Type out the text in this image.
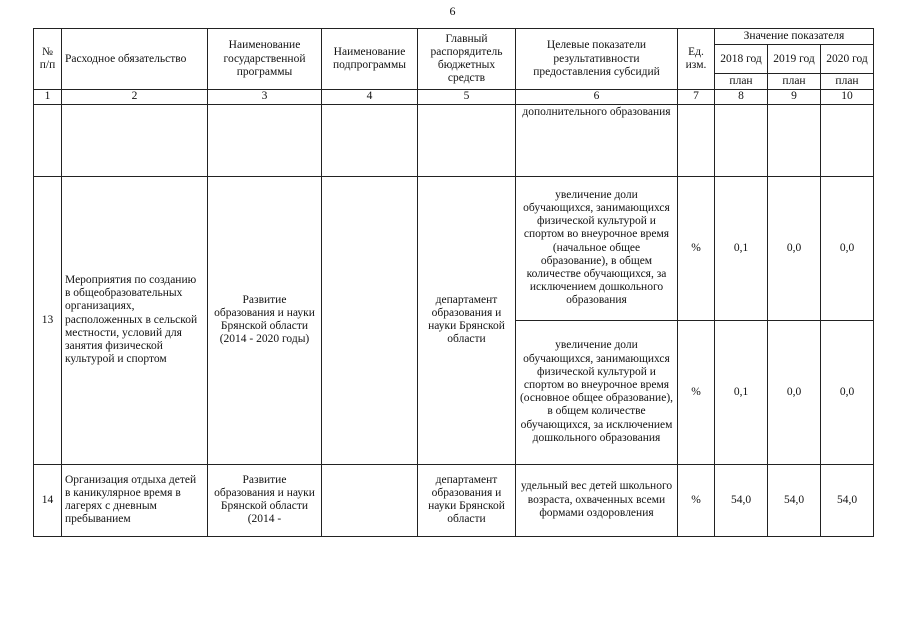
6
№ п/п	Расходное обязательство	Наименование государственной программы	Наименование подпрограммы	Главный распорядитель бюджетных средств	Целевые показатели результативности предоставления субсидий	Ед. изм.	Значение показателя		
							2018 год	2019 год	2020 год
							план	план	план
1	2	3	4	5	6	7	8	9	10
					дополнительного образования				
13	Мероприятия по созданию в общеобразовательных организациях, расположенных в сельской местности, условий для занятия физической культурой и спортом	Развитие образования и науки Брянской области (2014 - 2020 годы)		департамент образования и науки Брянской области	увеличение доли обучающихся, занимающихся физической культурой и спортом во внеурочное время (начальное общее образование), в общем количестве обучающихся, за исключением дошкольного образования	%	0,1	0,0	0,0
					увеличение доли обучающихся, занимающихся физической культурой и спортом во внеурочное время (основное общее образование), в общем количестве обучающихся, за исключением дошкольного образования	%	0,1	0,0	0,0
14	Организация отдыха детей в каникулярное время в лагерях с дневным пребыванием	Развитие образования и науки Брянской области (2014 -		департамент образования и науки Брянской области	удельный вес детей школьного возраста, охваченных всеми формами оздоровления	%	54,0	54,0	54,0
